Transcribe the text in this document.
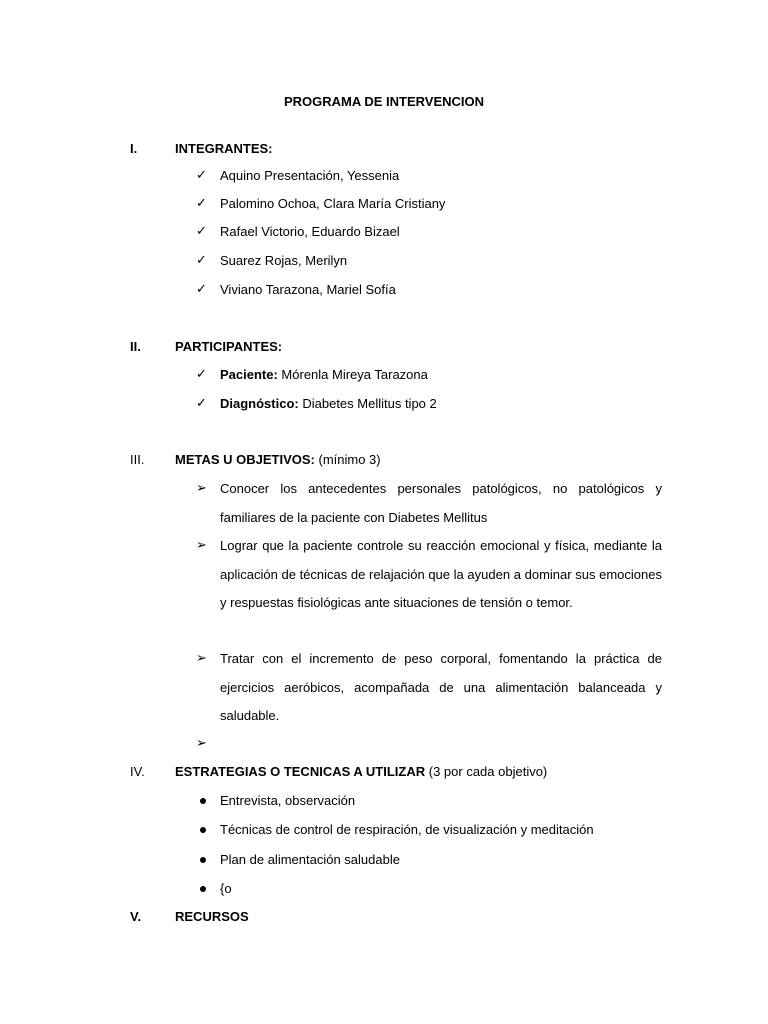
PROGRAMA DE INTERVENCION
I.	INTEGRANTES:
✓	Aquino Presentación, Yessenia
✓	Palomino Ochoa, Clara María Cristiany
✓	Rafael Victorio, Eduardo Bizael
✓	Suarez Rojas, Merilyn
✓	Viviano Tarazona, Mariel Sofía
II.	PARTICIPANTES:
✓	Paciente: Mórenla Mireya Tarazona
✓	Diagnóstico: Diabetes Mellitus tipo 2
III. METAS U OBJETIVOS: (mínimo 3)
➢ Conocer los antecedentes personales patológicos, no patológicos y familiares de la paciente con Diabetes Mellitus
➢ Lograr que la paciente controle su reacción emocional y física, mediante la aplicación de técnicas de relajación que la ayuden a dominar sus emociones y respuestas fisiológicas ante situaciones de tensión o temor.
➢ Tratar con el incremento de peso corporal, fomentando la práctica de ejercicios aeróbicos, acompañada de una alimentación balanceada y saludable.
➢
IV. ESTRATEGIAS O TECNICAS A UTILIZAR (3 por cada objetivo)
Entrevista, observación
Técnicas de control de respiración, de visualización y meditación
Plan de alimentación saludable
{o
V.	RECURSOS
